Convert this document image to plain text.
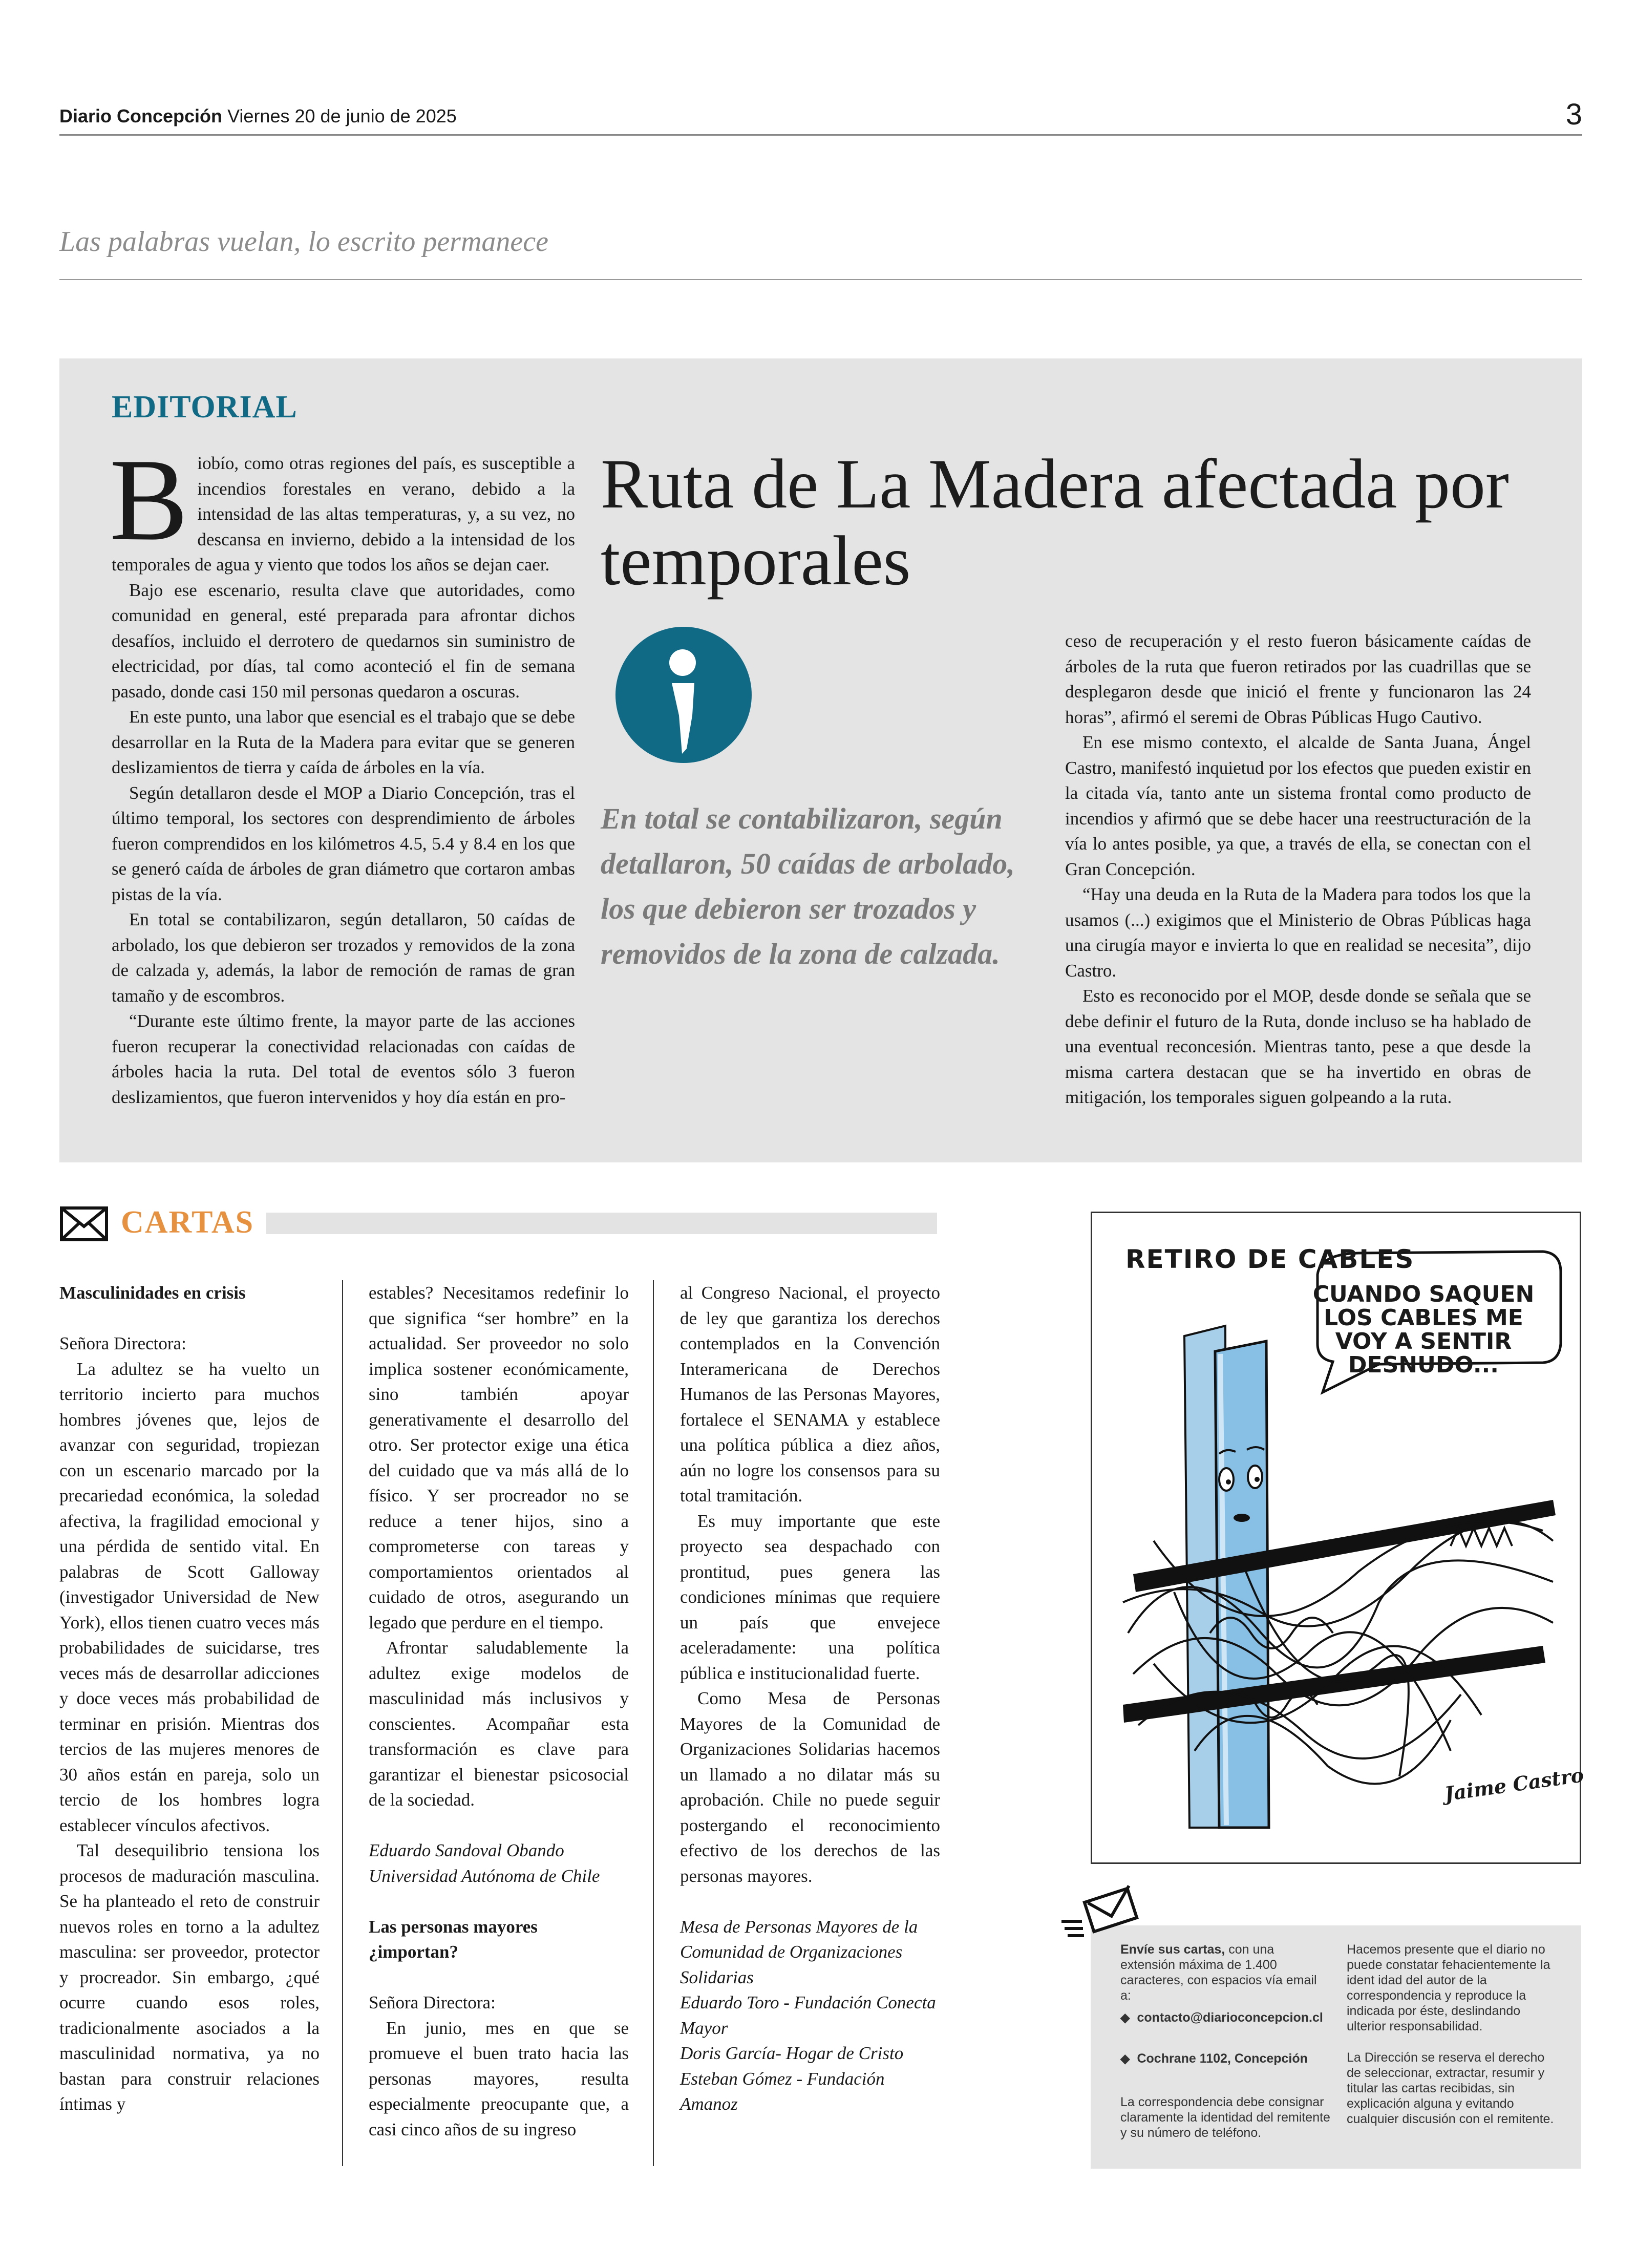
Diario Concepción Viernes 20 de junio de 2025	3
Las palabras vuelan, lo escrito permanece
EDITORIAL

Biobío, como otras regiones del país, es susceptible a incendios forestales en verano, debido a la intensidad de las altas temperaturas, y, a su vez, no descansa en invierno, debido a la intensidad de los temporales de agua y viento que todos los años se dejan caer.

Bajo ese escenario, resulta clave que autoridades, como comunidad en general, esté preparada para afrontar dichos desafíos, incluido el derrotero de quedarnos sin suministro de electricidad, por días, tal como aconteció el fin de semana pasado, donde casi 150 mil personas quedaron a oscuras.

En este punto, una labor que esencial es el trabajo que se debe desarrollar en la Ruta de la Madera para evitar que se generen deslizamientos de tierra y caída de árboles en la vía.

Según detallaron desde el MOP a Diario Concepción, tras el último temporal, los sectores con desprendimiento de árboles fueron comprendidos en los kilómetros 4.5, 5.4 y 8.4 en los que se generó caída de árboles de gran diámetro que cortaron ambas pistas de la vía.

En total se contabilizaron, según detallaron, 50 caídas de arbolado, los que debieron ser trozados y removidos de la zona de calzada y, además, la labor de remoción de ramas de gran tamaño y de escombros.

“Durante este último frente, la mayor parte de las acciones fueron recuperar la conectividad relacionadas con caídas de árboles hacia la ruta. Del total de eventos sólo 3 fueron deslizamientos, que fueron intervenidos y hoy día están en pro-

Ruta de La Madera afectada por temporales
En total se contabilizaron, según detallaron, 50 caídas de arbolado, los que debieron ser trozados y removidos de la zona de calzada.

ceso de recuperación y el resto fueron básicamente caídas de árboles de la ruta que fueron retirados por las cuadrillas que se desplegaron desde que inició el frente y funcionaron las 24 horas”, afirmó el seremi de Obras Públicas Hugo Cautivo.

En ese mismo contexto, el alcalde de Santa Juana, Ángel Castro, manifestó inquietud por los efectos que pueden existir en la citada vía, tanto ante un sistema frontal como producto de incendios y afirmó que se debe hacer una reestructuración de la vía lo antes posible, ya que, a través de ella, se conectan con el Gran Concepción.

“Hay una deuda en la Ruta de la Madera para todos los que la usamos (...) exigimos que el Ministerio de Obras Públicas haga una cirugía mayor e invierta lo que en realidad se necesita”, dijo Castro.

Esto es reconocido por el MOP, desde donde se señala que se debe definir el futuro de la Ruta, donde incluso se ha hablado de una eventual reconcesión. Mientras tanto, pese a que desde la misma cartera destacan que se ha invertido en obras de mitigación, los temporales siguen golpeando a la ruta.

CARTAS

Masculinidades en crisis

Señora Directora:

La adultez se ha vuelto un territorio incierto para muchos hombres jóvenes que, lejos de avanzar con seguridad, tropiezan con un escenario marcado por la precariedad económica, la soledad afectiva, la fragilidad emocional y una pérdida de sentido vital. En palabras de Scott Galloway (investigador Universidad de New York), ellos tienen cuatro veces más probabilidades de suicidarse, tres veces más de desarrollar adicciones y doce veces más probabilidad de terminar en prisión. Mientras dos tercios de las mujeres menores de 30 años están en pareja, solo un tercio de los hombres logra establecer vínculos afectivos.

Tal desequilibrio tensiona los procesos de maduración masculina. Se ha planteado el reto de construir nuevos roles en torno a la adultez masculina: ser proveedor, protector y procreador. Sin embargo, ¿qué ocurre cuando esos roles, tradicionalmente asociados a la masculinidad normativa, ya no bastan para construir relaciones íntimas y

estables? Necesitamos redefinir lo que significa “ser hombre” en la actualidad. Ser proveedor no solo implica sostener económicamente, sino también apoyar generativamente el desarrollo del otro. Ser protector exige una ética del cuidado que va más allá de lo físico. Y ser procreador no se reduce a tener hijos, sino a comprometerse con tareas y comportamientos orientados al cuidado de otros, asegurando un legado que perdure en el tiempo.

Afrontar saludablemente la adultez exige modelos de masculinidad más inclusivos y conscientes. Acompañar esta transformación es clave para garantizar el bienestar psicosocial de la sociedad.

Eduardo Sandoval Obando

Universidad Autónoma de Chile

Las personas mayores ¿importan?

Señora Directora:

En junio, mes en que se promueve el buen trato hacia las personas mayores, resulta especialmente preocupante que, a casi cinco años de su ingreso

al Congreso Nacional, el proyecto de ley que garantiza los derechos contemplados en la Convención Interamericana de Derechos Humanos de las Personas Mayores, fortalece el SENAMA y establece una política pública a diez años, aún no logre los consensos para su total tramitación.

Es muy importante que este proyecto sea despachado con prontitud, pues genera las condiciones mínimas que requiere un país que envejece aceleradamente: una política pública e institucionalidad fuerte.

Como Mesa de Personas Mayores de la Comunidad de Organizaciones Solidarias hacemos un llamado a no dilatar más su aprobación. Chile no puede seguir postergando el reconocimiento efectivo de los derechos de las personas mayores.

Mesa de Personas Mayores de la Comunidad de Organizaciones Solidarias

Eduardo Toro - Fundación Conecta Mayor

Doris García- Hogar de Cristo

Esteban Gómez - Fundación Amanoz

RETIRO DE CABLES
CUANDO SAQUEN LOS CABLES ME VOY A SENTIR DESNUDO...
Jaime Castro
Envíe sus cartas, con una extensión máxima de 1.400 caracteres, con espacios vía email a:
◆ contacto@diarioconcepcion.cl
◆ Cochrane 1102, Concepción
La correspondencia debe consignar claramente la identidad del remitente y su número de teléfono.
Hacemos presente que el diario no puede constatar fehacientemente la ident idad del autor de la correspondencia y reproduce la indicada por éste, deslindando ulterior responsabilidad.
La Dirección se reserva el derecho de seleccionar, extractar, resumir y titular las cartas recibidas, sin explicación alguna y evitando cualquier discusión con el remitente.
